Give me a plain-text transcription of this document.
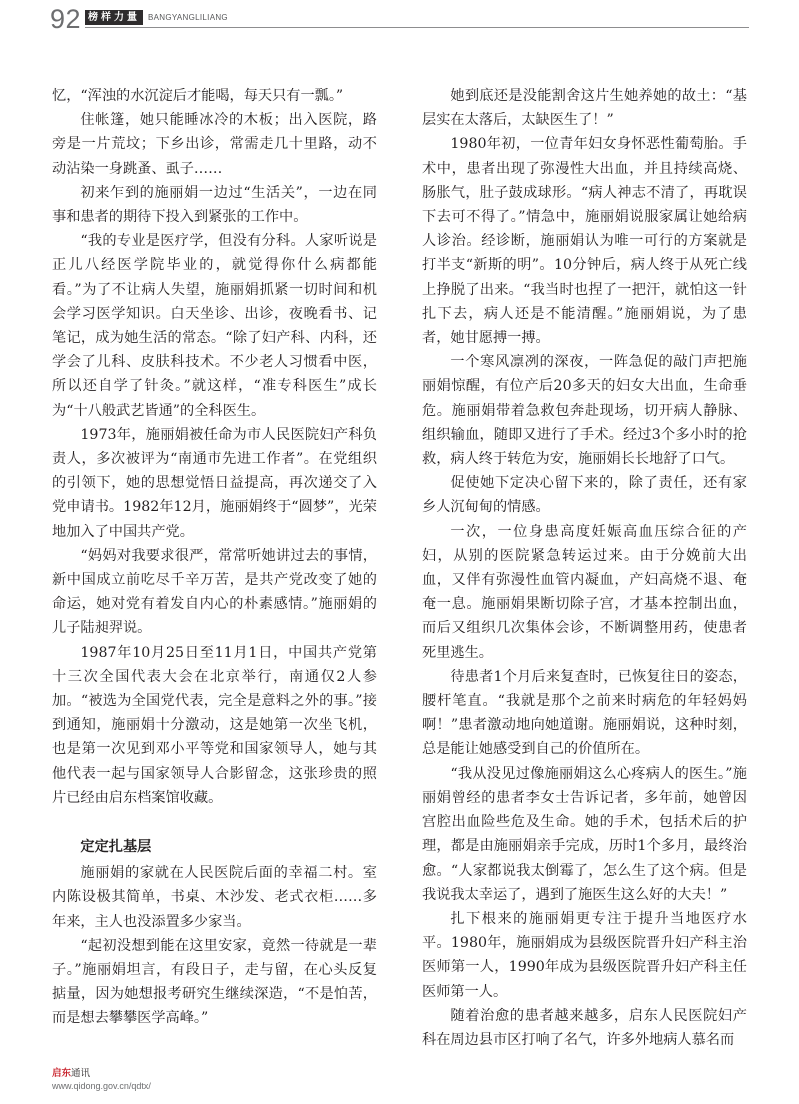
92 榜样力量	BANGYANGLILIANG

忆，“浑浊的水沉淀后才能喝，每天只有一瓢。”

住帐篷，她只能睡冰冷的木板；出入医院，路旁是一片荒坟；下乡出诊，常需走几十里路，动不动沾染一身跳蚤、虱子……

初来乍到的施丽娟一边过“生活关”，一边在同事和患者的期待下投入到紧张的工作中。

“我的专业是医疗学，但没有分科。人家听说是正儿八经医学院毕业的，就觉得你什么病都能看。”为了不让病人失望，施丽娟抓紧一切时间和机会学习医学知识。白天坐诊、出诊，夜晚看书、记笔记，成为她生活的常态。“除了妇产科、内科，还学会了儿科、皮肤科技术。不少老人习惯看中医，所以还自学了针灸。”就这样，“准专科医生”成长为“十八般武艺皆通”的全科医生。

1973年，施丽娟被任命为市人民医院妇产科负责人，多次被评为“南通市先进工作者”。在党组织的引领下，她的思想觉悟日益提高，再次递交了入党申请书。1982年12月，施丽娟终于“圆梦”，光荣地加入了中国共产党。

“妈妈对我要求很严，常常听她讲过去的事情，新中国成立前吃尽千辛万苦，是共产党改变了她的命运，她对党有着发自内心的朴素感情。”施丽娟的儿子陆昶羿说。

1987年10月25日至11月1日，中国共产党第十三次全国代表大会在北京举行，南通仅2人参加。“被选为全国党代表，完全是意料之外的事。”接到通知，施丽娟十分激动，这是她第一次坐飞机，也是第一次见到邓小平等党和国家领导人，她与其他代表一起与国家领导人合影留念，这张珍贵的照片已经由启东档案馆收藏。

定定扎基层

施丽娟的家就在人民医院后面的幸福二村。室内陈设极其简单，书桌、木沙发、老式衣柜……多年来，主人也没添置多少家当。

“起初没想到能在这里安家，竟然一待就是一辈子。”施丽娟坦言，有段日子，走与留，在心头反复掂量，因为她想报考研究生继续深造，“不是怕苦，而是想去攀攀医学高峰。”

她到底还是没能割舍这片生她养她的故土：“基层实在太落后，太缺医生了！”

1980年初，一位青年妇女身怀恶性葡萄胎。手术中，患者出现了弥漫性大出血，并且持续高烧、肠胀气，肚子鼓成球形。“病人神志不清了，再耽误下去可不得了。”情急中，施丽娟说服家属让她给病人诊治。经诊断，施丽娟认为唯一可行的方案就是打半支“新斯的明”。10分钟后，病人终于从死亡线上挣脱了出来。“我当时也捏了一把汗，就怕这一针扎下去，病人还是不能清醒。”施丽娟说，为了患者，她甘愿搏一搏。

一个寒风凛冽的深夜，一阵急促的敲门声把施丽娟惊醒，有位产后20多天的妇女大出血，生命垂危。施丽娟带着急救包奔赴现场，切开病人静脉、组织输血，随即又进行了手术。经过3个多小时的抢救，病人终于转危为安，施丽娟长长地舒了口气。

促使她下定决心留下来的，除了责任，还有家乡人沉甸甸的情感。

一次，一位身患高度妊娠高血压综合征的产妇，从别的医院紧急转运过来。由于分娩前大出血，又伴有弥漫性血管内凝血，产妇高烧不退、奄奄一息。施丽娟果断切除子宫，才基本控制出血，而后又组织几次集体会诊，不断调整用药，使患者死里逃生。

待患者1个月后来复查时，已恢复往日的姿态，腰杆笔直。“我就是那个之前来时病危的年轻妈妈啊！”患者激动地向她道谢。施丽娟说，这种时刻，总是能让她感受到自己的价值所在。

“我从没见过像施丽娟这么心疼病人的医生。”施丽娟曾经的患者李女士告诉记者，多年前，她曾因宫腔出血险些危及生命。她的手术，包括术后的护理，都是由施丽娟亲手完成，历时1个多月，最终治愈。“人家都说我太倒霉了，怎么生了这个病。但是我说我太幸运了，遇到了施医生这么好的大夫！”

扎下根来的施丽娟更专注于提升当地医疗水平。1980年，施丽娟成为县级医院晋升妇产科主治医师第一人，1990年成为县级医院晋升妇产科主任医师第一人。

随着治愈的患者越来越多，启东人民医院妇产科在周边县市区打响了名气，许多外地病人慕名而

启东通讯
www.qidong.gov.cn/qdtx/
